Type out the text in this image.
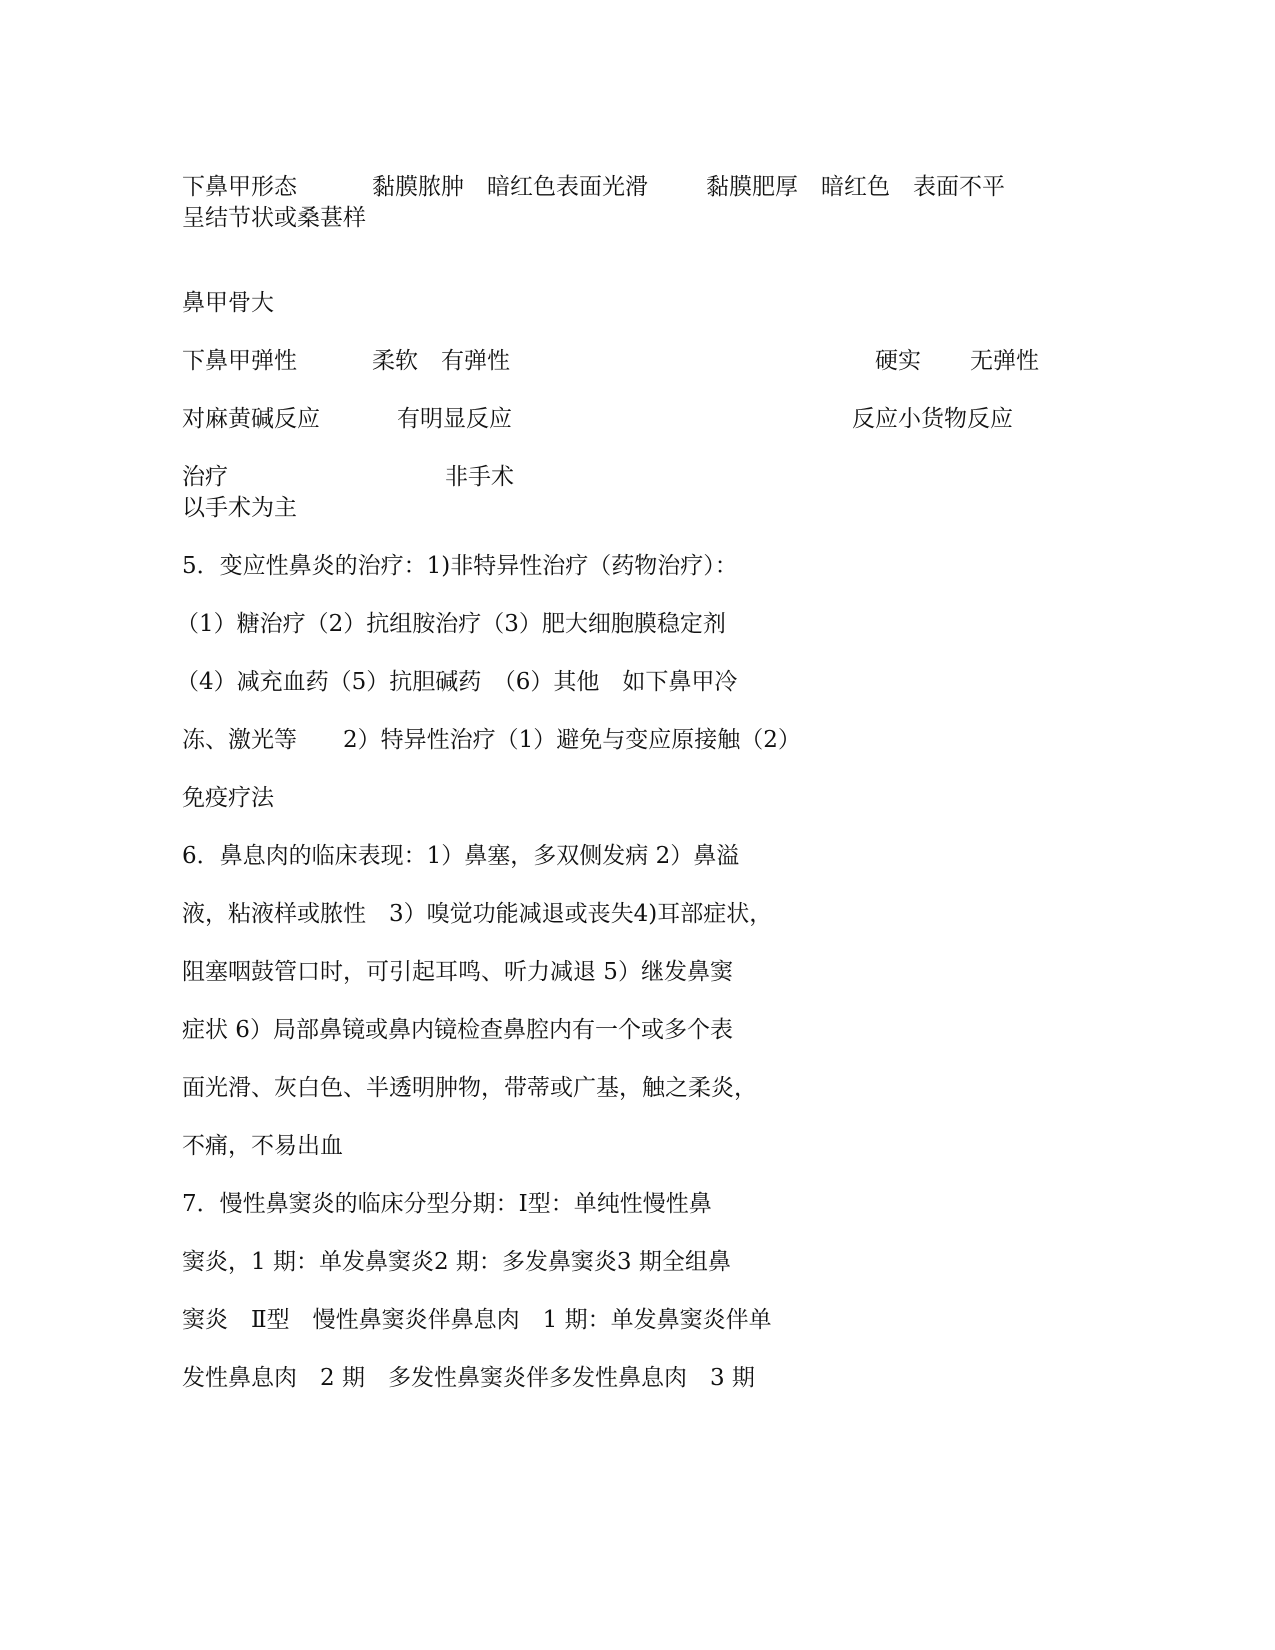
下鼻甲形态	黏膜脓肿　暗红色表面光滑	黏膜肥厚　暗红色　表面不平
呈结节状或桑葚样
鼻甲骨大
下鼻甲弹性	柔软　有弹性	硬实 无弹性
对麻黄碱反应	有明显反应	反应小货物反应
治疗	非手术
以手术为主
5．变应性鼻炎的治疗：1)非特异性治疗（药物治疗）：
（1）糖治疗（2）抗组胺治疗（3）肥大细胞膜稳定剂
（4）减充血药（5）抗胆碱药　（6）其他　如下鼻甲冷
冻、激光等　　2）特异性治疗（1）避免与变应原接触（2）
免疫疗法
6．鼻息肉的临床表现：1）鼻塞，多双侧发病 2）鼻溢
液，粘液样或脓性　3）嗅觉功能减退或丧失4)耳部症状，
阻塞咽鼓管口时，可引起耳鸣、听力减退 5）继发鼻窦
症状 6）局部鼻镜或鼻内镜检查鼻腔内有一个或多个表
面光滑、灰白色、半透明肿物，带蒂或广基，触之柔炎，
不痛，不易出血
7．慢性鼻窦炎的临床分型分期：Ⅰ型：单纯性慢性鼻
窦炎，1 期：单发鼻窦炎2 期：多发鼻窦炎3 期全组鼻
窦炎　Ⅱ型　慢性鼻窦炎伴鼻息肉　1 期：单发鼻窦炎伴单
发性鼻息肉　2 期　多发性鼻窦炎伴多发性鼻息肉　3 期
